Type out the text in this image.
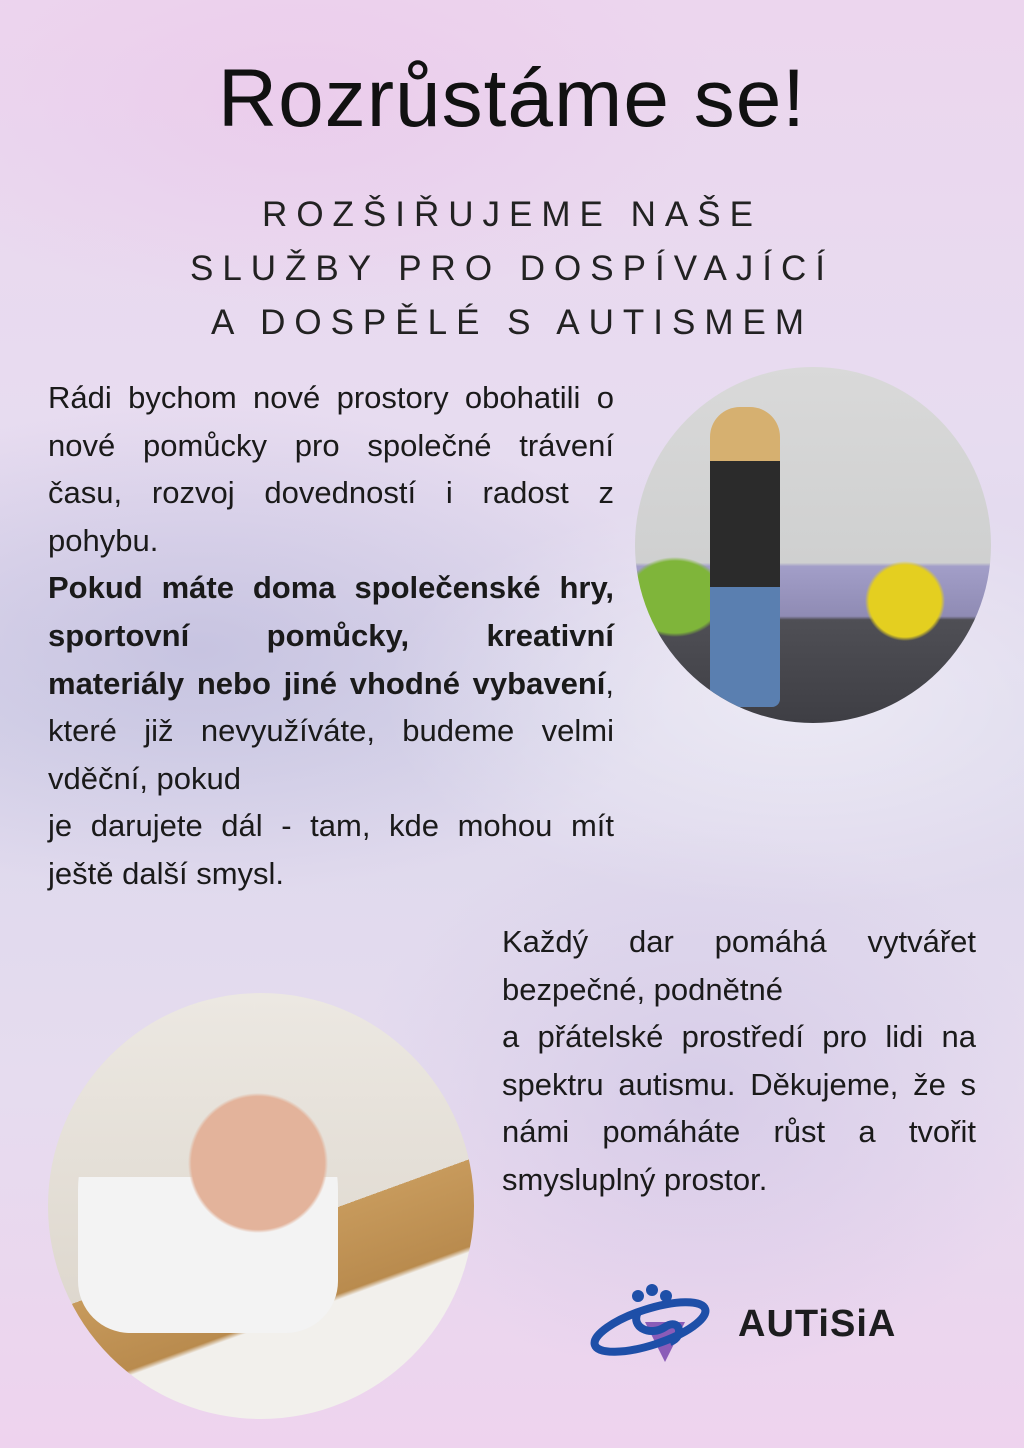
Rozrůstáme se!
ROZŠIŘUJEME NAŠE
SLUŽBY PRO DOSPÍVAJÍCÍ
A DOSPĚLÉ S AUTISMEM

Rádi bychom nové prostory obohatili o nové pomůcky pro společné trávení času, rozvoj dovedností i radost z pohybu.

Pokud máte doma společenské hry, sportovní pomůcky, kreativní materiály nebo jiné vhodné vybavení, které již nevyužíváte, budeme velmi vděční, pokud

je darujete dál - tam, kde mohou mít ještě další smysl.

Každý dar pomáhá vytvářet bezpečné, podnětné

a přátelské prostředí pro lidi na spektru autismu. Děkujeme, že s námi pomáháte růst a tvořit smysluplný prostor.

AUTiSiA
